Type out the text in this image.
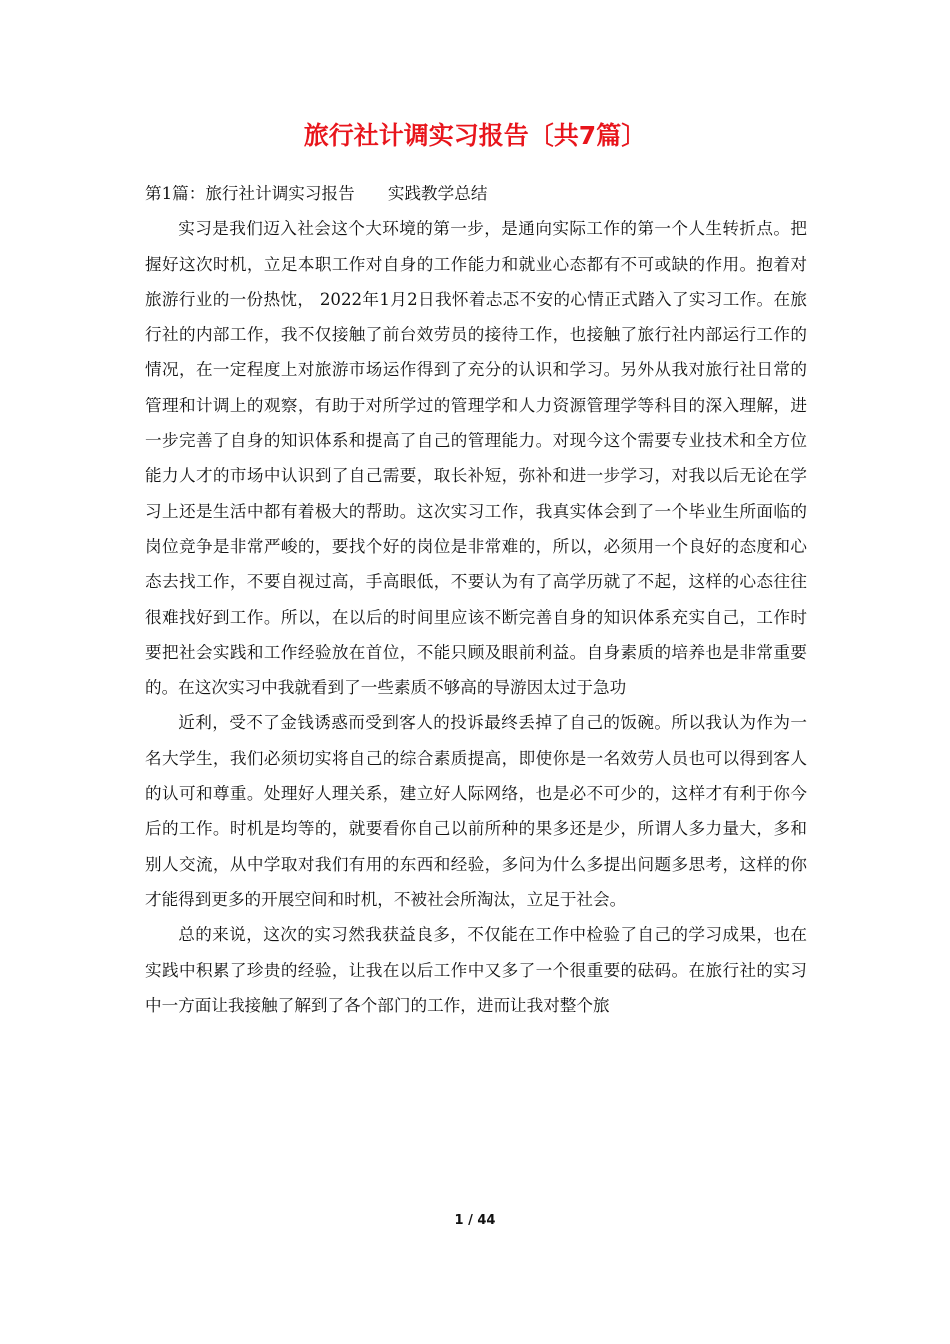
旅行社计调实习报告〔共7篇〕

第1篇：旅行社计调实习报告　　实践教学总结

实习是我们迈入社会这个大环境的第一步，是通向实际工作的第一个人生转折点。把握好这次时机，立足本职工作对自身的工作能力和就业心态都有不可或缺的作用。抱着对旅游行业的一份热忱， 2022年1月2日我怀着忐忑不安的心情正式踏入了实习工作。在旅行社的内部工作，我不仅接触了前台效劳员的接待工作，也接触了旅行社内部运行工作的情况，在一定程度上对旅游市场运作得到了充分的认识和学习。另外从我对旅行社日常的管理和计调上的观察，有助于对所学过的管理学和人力资源管理学等科目的深入理解，进一步完善了自身的知识体系和提高了自己的管理能力。对现今这个需要专业技术和全方位能力人才的市场中认识到了自己需要，取长补短，弥补和进一步学习，对我以后无论在学习上还是生活中都有着极大的帮助。这次实习工作，我真实体会到了一个毕业生所面临的岗位竞争是非常严峻的，要找个好的岗位是非常难的，所以，必须用一个良好的态度和心态去找工作，不要自视过高，手高眼低，不要认为有了高学历就了不起，这样的心态往往很难找好到工作。所以，在以后的时间里应该不断完善自身的知识体系充实自己，工作时要把社会实践和工作经验放在首位，不能只顾及眼前利益。自身素质的培养也是非常重要的。在这次实习中我就看到了一些素质不够高的导游因太过于急功

近利，受不了金钱诱惑而受到客人的投诉最终丢掉了自己的饭碗。所以我认为作为一名大学生，我们必须切实将自己的综合素质提高，即使你是一名效劳人员也可以得到客人的认可和尊重。处理好人理关系，建立好人际网络，也是必不可少的，这样才有利于你今后的工作。时机是均等的，就要看你自己以前所种的果多还是少，所谓人多力量大，多和别人交流，从中学取对我们有用的东西和经验，多问为什么多提出问题多思考，这样的你才能得到更多的开展空间和时机，不被社会所淘汰，立足于社会。

总的来说，这次的实习然我获益良多，不仅能在工作中检验了自己的学习成果，也在实践中积累了珍贵的经验，让我在以后工作中又多了一个很重要的砝码。在旅行社的实习中一方面让我接触了解到了各个部门的工作，进而让我对整个旅

1 / 44
